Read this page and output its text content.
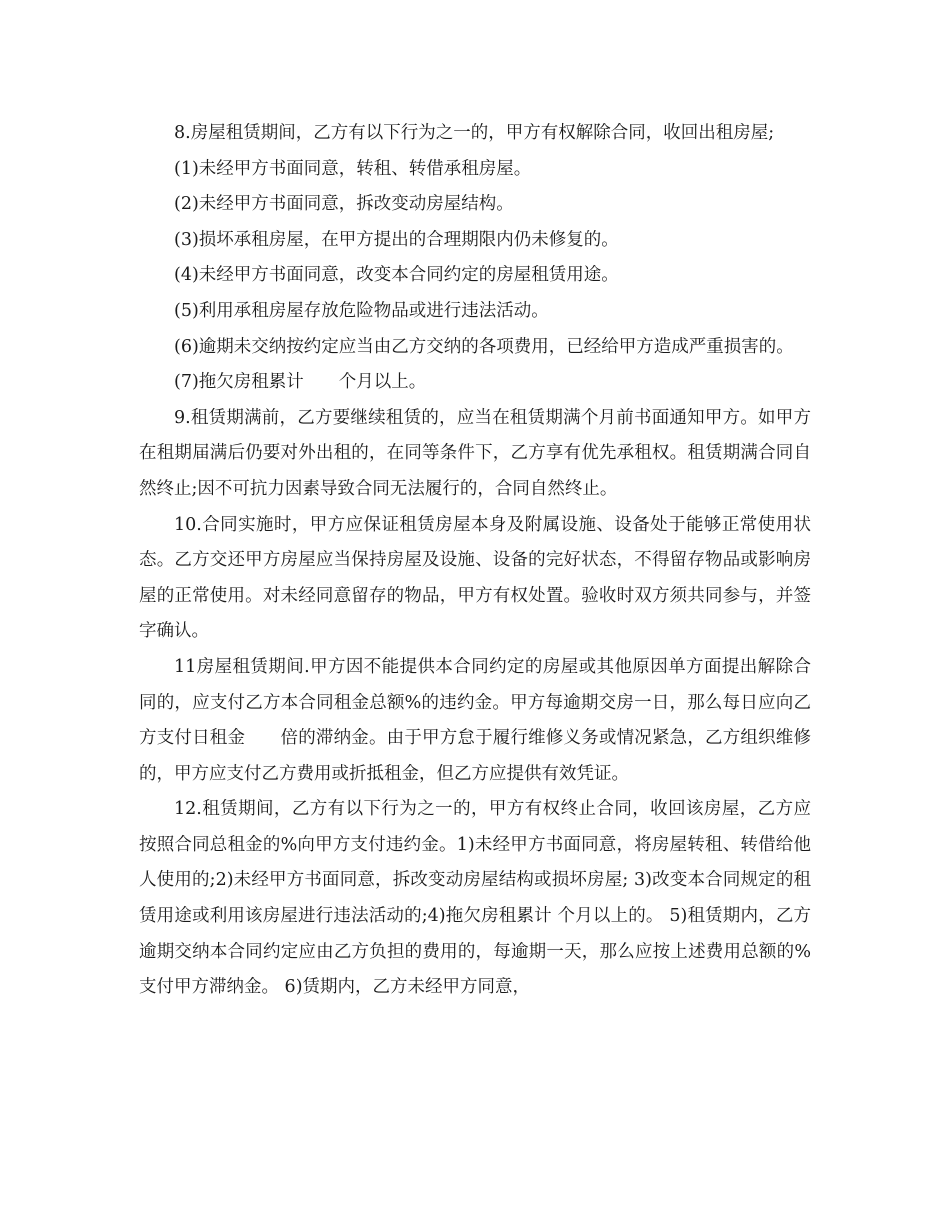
8.房屋租赁期间，乙方有以下行为之一的，甲方有权解除合同，收回出租房屋;

(1)未经甲方书面同意，转租、转借承租房屋。

(2)未经甲方书面同意，拆改变动房屋结构。

(3)损坏承租房屋，在甲方提出的合理期限内仍未修复的。

(4)未经甲方书面同意，改变本合同约定的房屋租赁用途。

(5)利用承租房屋存放危险物品或进行违法活动。

(6)逾期未交纳按约定应当由乙方交纳的各项费用，已经给甲方造成严重损害的。

(7)拖欠房租累计　　个月以上。

9.租赁期满前，乙方要继续租赁的，应当在租赁期满个月前书面通知甲方。如甲方在租期届满后仍要对外出租的，在同等条件下，乙方享有优先承租权。租赁期满合同自然终止;因不可抗力因素导致合同无法履行的，合同自然终止。

10.合同实施时，甲方应保证租赁房屋本身及附属设施、设备处于能够正常使用状态。乙方交还甲方房屋应当保持房屋及设施、设备的完好状态，不得留存物品或影响房屋的正常使用。对未经同意留存的物品，甲方有权处置。验收时双方须共同参与，并签字确认。

11房屋租赁期间.甲方因不能提供本合同约定的房屋或其他原因单方面提出解除合同的，应支付乙方本合同租金总额%的违约金。甲方每逾期交房一日，那么每日应向乙方支付日租金　　倍的滞纳金。由于甲方怠于履行维修义务或情况紧急，乙方组织维修的，甲方应支付乙方费用或折抵租金，但乙方应提供有效凭证。

12.租赁期间，乙方有以下行为之一的，甲方有权终止合同，收回该房屋，乙方应按照合同总租金的%向甲方支付违约金。1)未经甲方书面同意，将房屋转租、转借给他人使用的;2)未经甲方书面同意，拆改变动房屋结构或损坏房屋; 3)改变本合同规定的租赁用途或利用该房屋进行违法活动的;4)拖欠房租累计 个月以上的。 5)租赁期内，乙方逾期交纳本合同约定应由乙方负担的费用的，每逾期一天，那么应按上述费用总额的%支付甲方滞纳金。 6)赁期内，乙方未经甲方同意，
